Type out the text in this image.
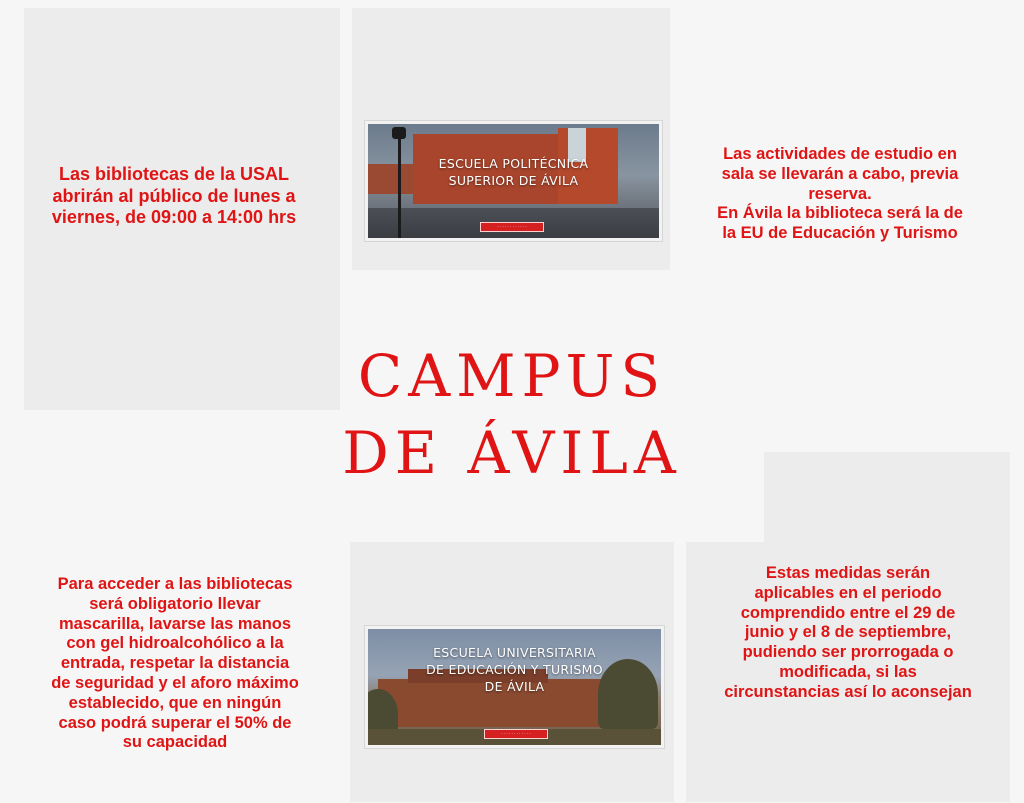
Las bibliotecas de la USAL
abrirán al público de lunes a
viernes, de 09:00 a 14:00 hrs
ESCUELA POLITÉCNICA
SUPERIOR DE ÁVILA
· · · · · · · · · · · ·
Las actividades de estudio en
sala se llevarán a cabo, previa
reserva.
En Ávila la biblioteca será la de
la EU de Educación y Turismo
CAMPUS
DE ÁVILA
Para acceder a las bibliotecas
será obligatorio llevar
mascarilla, lavarse las manos
con gel hidroalcohólico a la
entrada, respetar la distancia
de seguridad y el aforo máximo
establecido, que en ningún
caso podrá superar el 50% de
su capacidad
ESCUELA UNIVERSITARIA
DE EDUCACIÓN Y TURISMO
DE ÁVILA
· · · · · · · · · · · ·
Estas medidas serán
aplicables en el periodo
comprendido entre el 29 de
junio y el 8 de septiembre,
pudiendo ser prorrogada o
modificada, si las
circunstancias así lo aconsejan
